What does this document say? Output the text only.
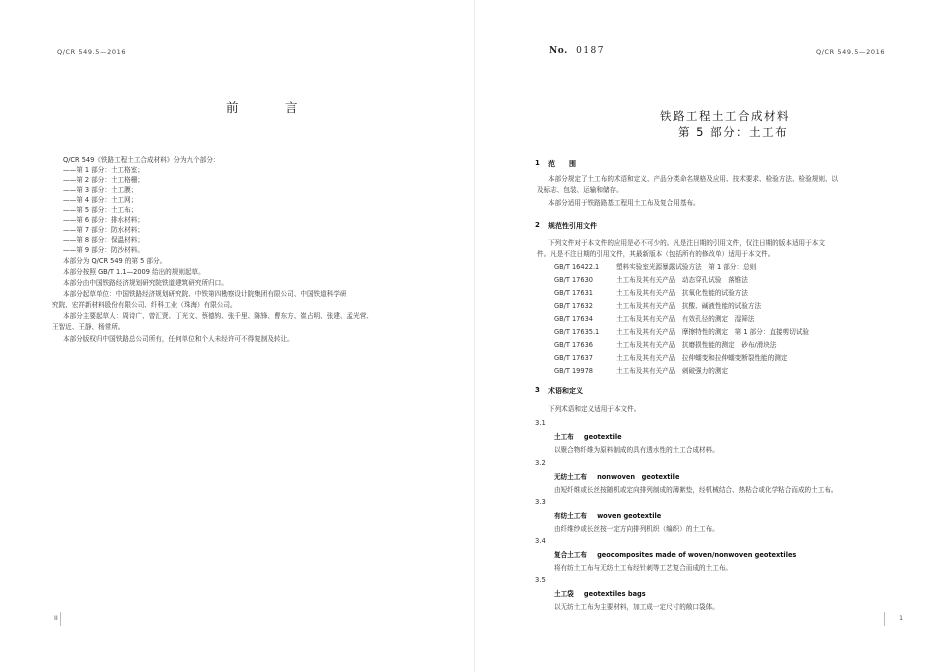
Q/CR 549.5—2016
前　言
Q/CR 549《铁路工程土工合成材料》分为九个部分：
——第 1 部分：土工格室；
——第 2 部分：土工格栅；
——第 3 部分：土工膜；
——第 4 部分：土工网；
——第 5 部分：土工布；
——第 6 部分：排水材料；
——第 7 部分：防水材料；
——第 8 部分：保温材料；
——第 9 部分：防沙材料。
本部分为 Q/CR 549 的第 5 部分。
本部分按照 GB/T 1.1—2009 给出的规则起草。
本部分由中国铁路经济规划研究院铁道建筑研究所归口。
本部分起草单位：中国铁路经济规划研究院、中铁第四勘察设计院集团有限公司、中国铁道科学研
究院、宏祥新材料股份有限公司、纤科工业（珠海）有限公司。
本部分主要起草人：周诗广、曾汇贤、丁光文、蔡德钩、张千里、陈锋、曹东方、崔占明、张建、孟光营、
王智近、王静、杨常所。
本部分版权归中国铁路总公司所有，任何单位和个人未经许可不得复制及转让。
II
No. 0187	Q/CR 549.5—2016
铁路工程土工合成材料
第 5 部分：土工布
1 范　　围
本部分规定了土工布的术语和定义、产品分类命名规格及应用、技术要求、检验方法、检验规则、以
及标志、包装、运输和储存。
本部分适用于铁路路基工程用土工布及复合用基布。
2 规范性引用文件
下列文件对于本文件的应用是必不可少的。凡是注日期的引用文件，仅注日期的版本适用于本文
件。凡是不注日期的引用文件，其最新版本（包括所有的修改单）适用于本文件。
GB/T 16422.1	塑料实验室光源暴露试验方法　第 1 部分：总则
GB/T 17630	土工布及其有关产品　动态穿孔试验　落锥法
GB/T 17631	土工布及其有关产品　抗氧化性能的试验方法
GB/T 17632	土工布及其有关产品　抗酸、碱液性能的试验方法
GB/T 17634	土工布及其有关产品　有效孔径的测定　湿筛法
GB/T 17635.1	土工布及其有关产品　摩擦特性的测定　第 1 部分：直接剪切试验
GB/T 17636	土工布及其有关产品　抗磨损性能的测定　砂布/滑块法
GB/T 17637	土工布及其有关产品　拉伸蠕变和拉伸蠕变断裂性能的测定
GB/T 19978	土工布及其有关产品　刺破强力的测定
3 术语和定义
下列术语和定义适用于本文件。
3.1
土工布 geotextile
以聚合物纤维为原料制成的具有透水性的土工合成材料。
3.2
无纺土工布 nonwoven　geotextile
由短纤维或长丝按随机或定向排列制成的薄絮垫，经机械结合、热粘合或化学粘合而成的土工布。
3.3
有纺土工布 woven geotextile
由纤维纱或长丝按一定方向排列机织（编织）的土工布。
3.4
复合土工布 geocomposites made of woven/nonwoven geotextiles
将有纺土工布与无纺土工布经针刺等工艺复合而成的土工布。
3.5
土工袋 geotextiles bags
以无纺土工布为主要材料，加工成一定尺寸的敞口袋体。
1
